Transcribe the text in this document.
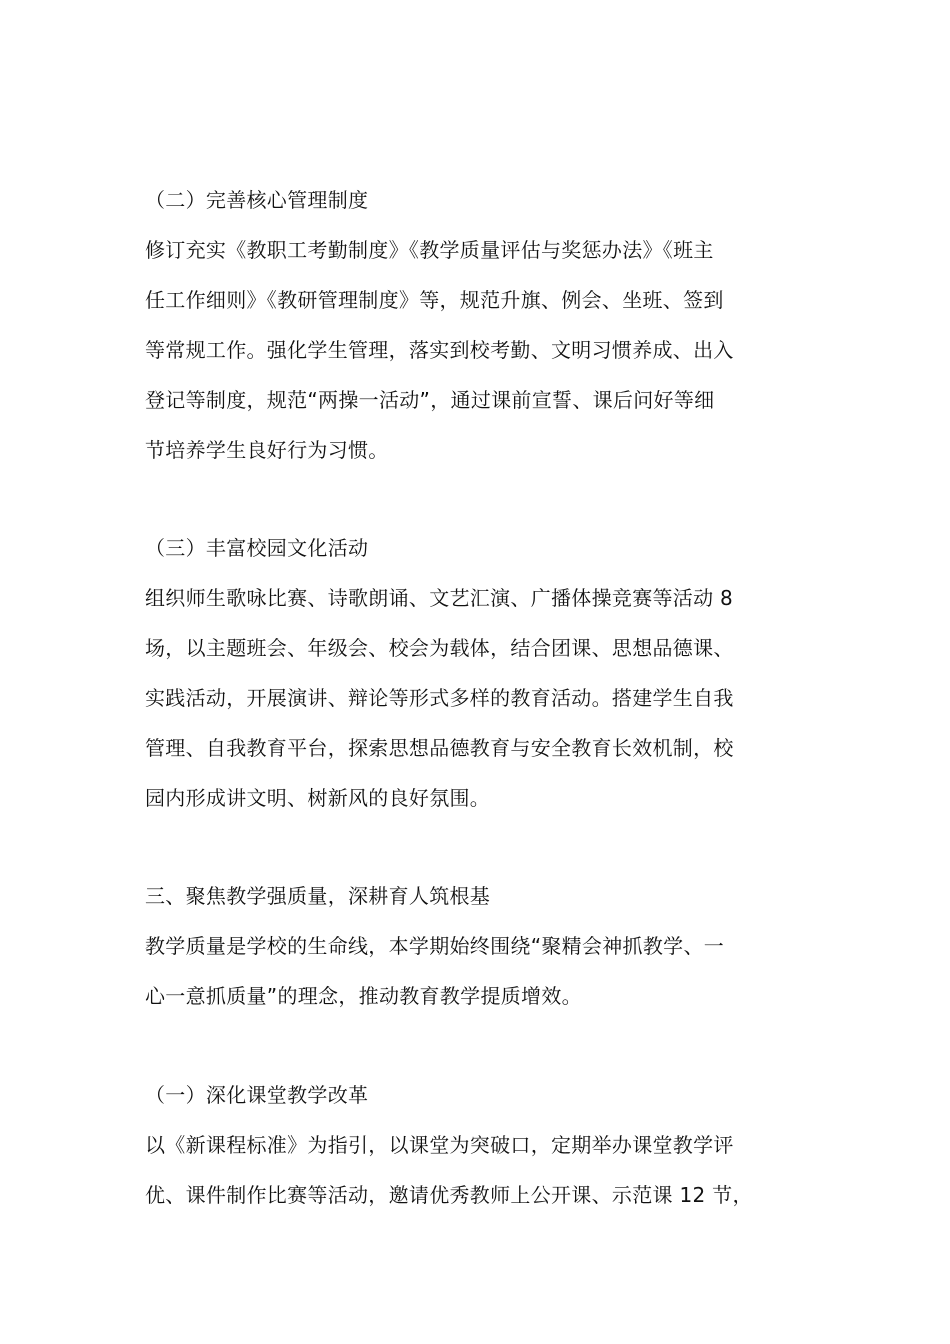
（二）完善核心管理制度
修订充实《教职工考勤制度》《教学质量评估与奖惩办法》《班主
任工作细则》《教研管理制度》等，规范升旗、例会、坐班、签到
等常规工作。强化学生管理，落实到校考勤、文明习惯养成、出入
登记等制度，规范“两操一活动”，通过课前宣誓、课后问好等细
节培养学生良好行为习惯。
（三）丰富校园文化活动
组织师生歌咏比赛、诗歌朗诵、文艺汇演、广播体操竞赛等活动 8
场，以主题班会、年级会、校会为载体，结合团课、思想品德课、
实践活动，开展演讲、辩论等形式多样的教育活动。搭建学生自我
管理、自我教育平台，探索思想品德教育与安全教育长效机制，校
园内形成讲文明、树新风的良好氛围。
三、聚焦教学强质量，深耕育人筑根基
教学质量是学校的生命线，本学期始终围绕“聚精会神抓教学、一
心一意抓质量”的理念，推动教育教学提质增效。
（一）深化课堂教学改革
以《新课程标准》为指引，以课堂为突破口，定期举办课堂教学评
优、课件制作比赛等活动，邀请优秀教师上公开课、示范课 12 节，
